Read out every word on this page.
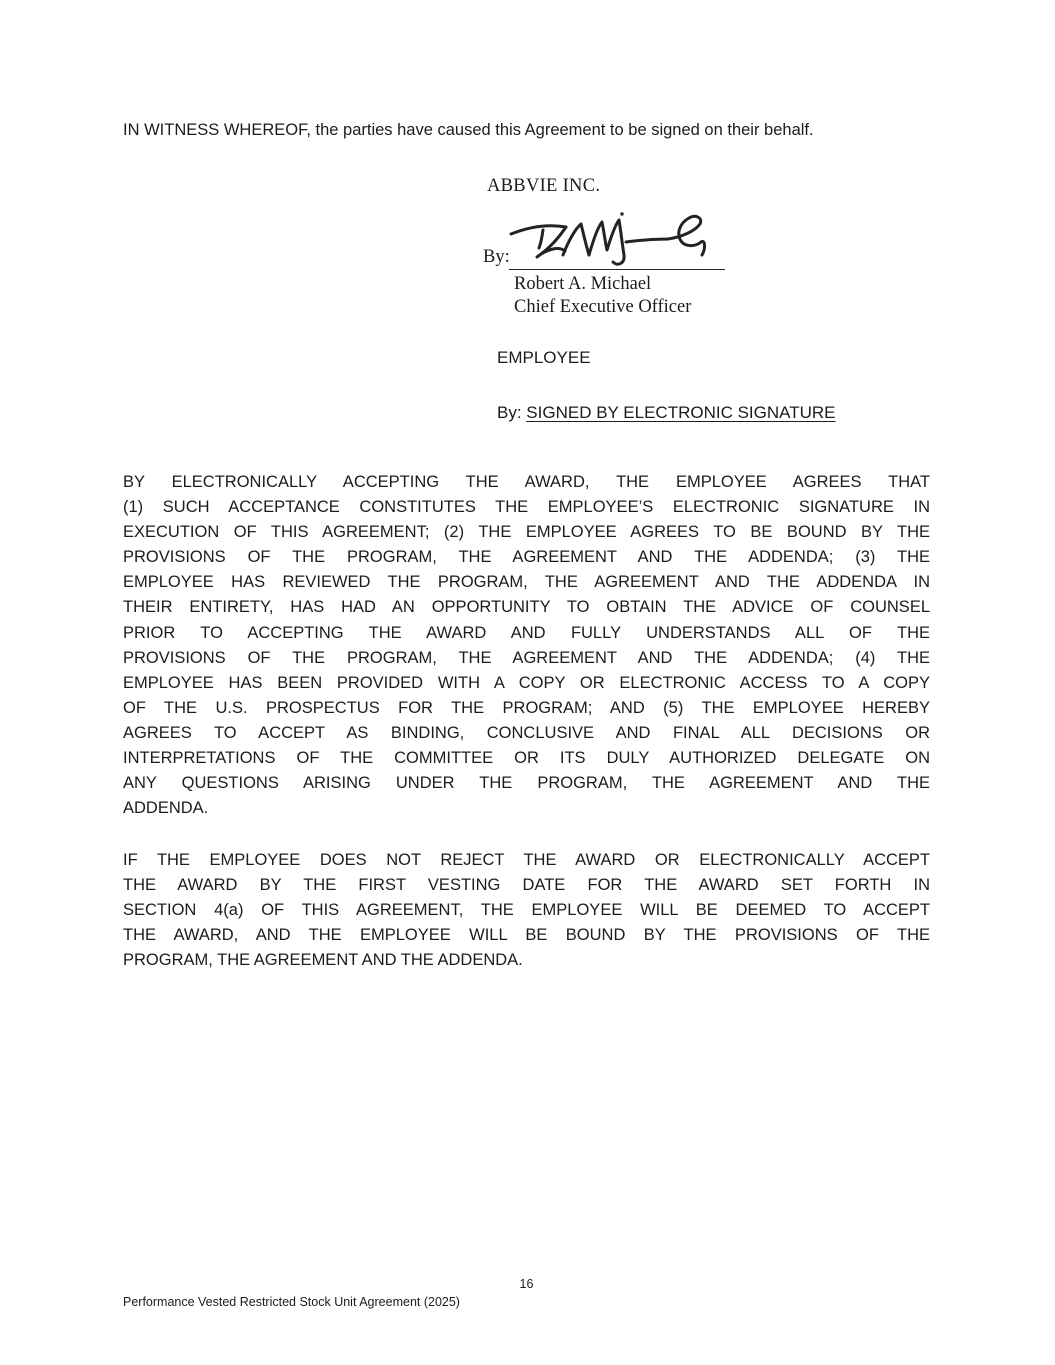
IN WITNESS WHEREOF, the parties have caused this Agreement to be signed on their behalf.
ABBVIE INC.
By:
Robert A. Michael
Chief Executive Officer
EMPLOYEE
By: SIGNED BY ELECTRONIC SIGNATURE
BY ELECTRONICALLY ACCEPTING THE AWARD, THE EMPLOYEE AGREES THAT
(1) SUCH ACCEPTANCE CONSTITUTES THE EMPLOYEE’S ELECTRONIC SIGNATURE IN
EXECUTION OF THIS AGREEMENT; (2) THE EMPLOYEE AGREES TO BE BOUND BY THE
PROVISIONS OF THE PROGRAM, THE AGREEMENT AND THE ADDENDA; (3) THE
EMPLOYEE HAS REVIEWED THE PROGRAM, THE AGREEMENT AND THE ADDENDA IN
THEIR ENTIRETY, HAS HAD AN OPPORTUNITY TO OBTAIN THE ADVICE OF COUNSEL
PRIOR TO ACCEPTING THE AWARD AND FULLY UNDERSTANDS ALL OF THE
PROVISIONS OF THE PROGRAM, THE AGREEMENT AND THE ADDENDA; (4) THE
EMPLOYEE HAS BEEN PROVIDED WITH A COPY OR ELECTRONIC ACCESS TO A COPY
OF THE U.S. PROSPECTUS FOR THE PROGRAM; AND (5) THE EMPLOYEE HEREBY
AGREES TO ACCEPT AS BINDING, CONCLUSIVE AND FINAL ALL DECISIONS OR
INTERPRETATIONS OF THE COMMITTEE OR ITS DULY AUTHORIZED DELEGATE ON
ANY QUESTIONS ARISING UNDER THE PROGRAM, THE AGREEMENT AND THE
ADDENDA.
IF THE EMPLOYEE DOES NOT REJECT THE AWARD OR ELECTRONICALLY ACCEPT
THE AWARD BY THE FIRST VESTING DATE FOR THE AWARD SET FORTH IN
SECTION 4(a) OF THIS AGREEMENT, THE EMPLOYEE WILL BE DEEMED TO ACCEPT
THE AWARD, AND THE EMPLOYEE WILL BE BOUND BY THE PROVISIONS OF THE
PROGRAM, THE AGREEMENT AND THE ADDENDA.
16
Performance Vested Restricted Stock Unit Agreement (2025)
